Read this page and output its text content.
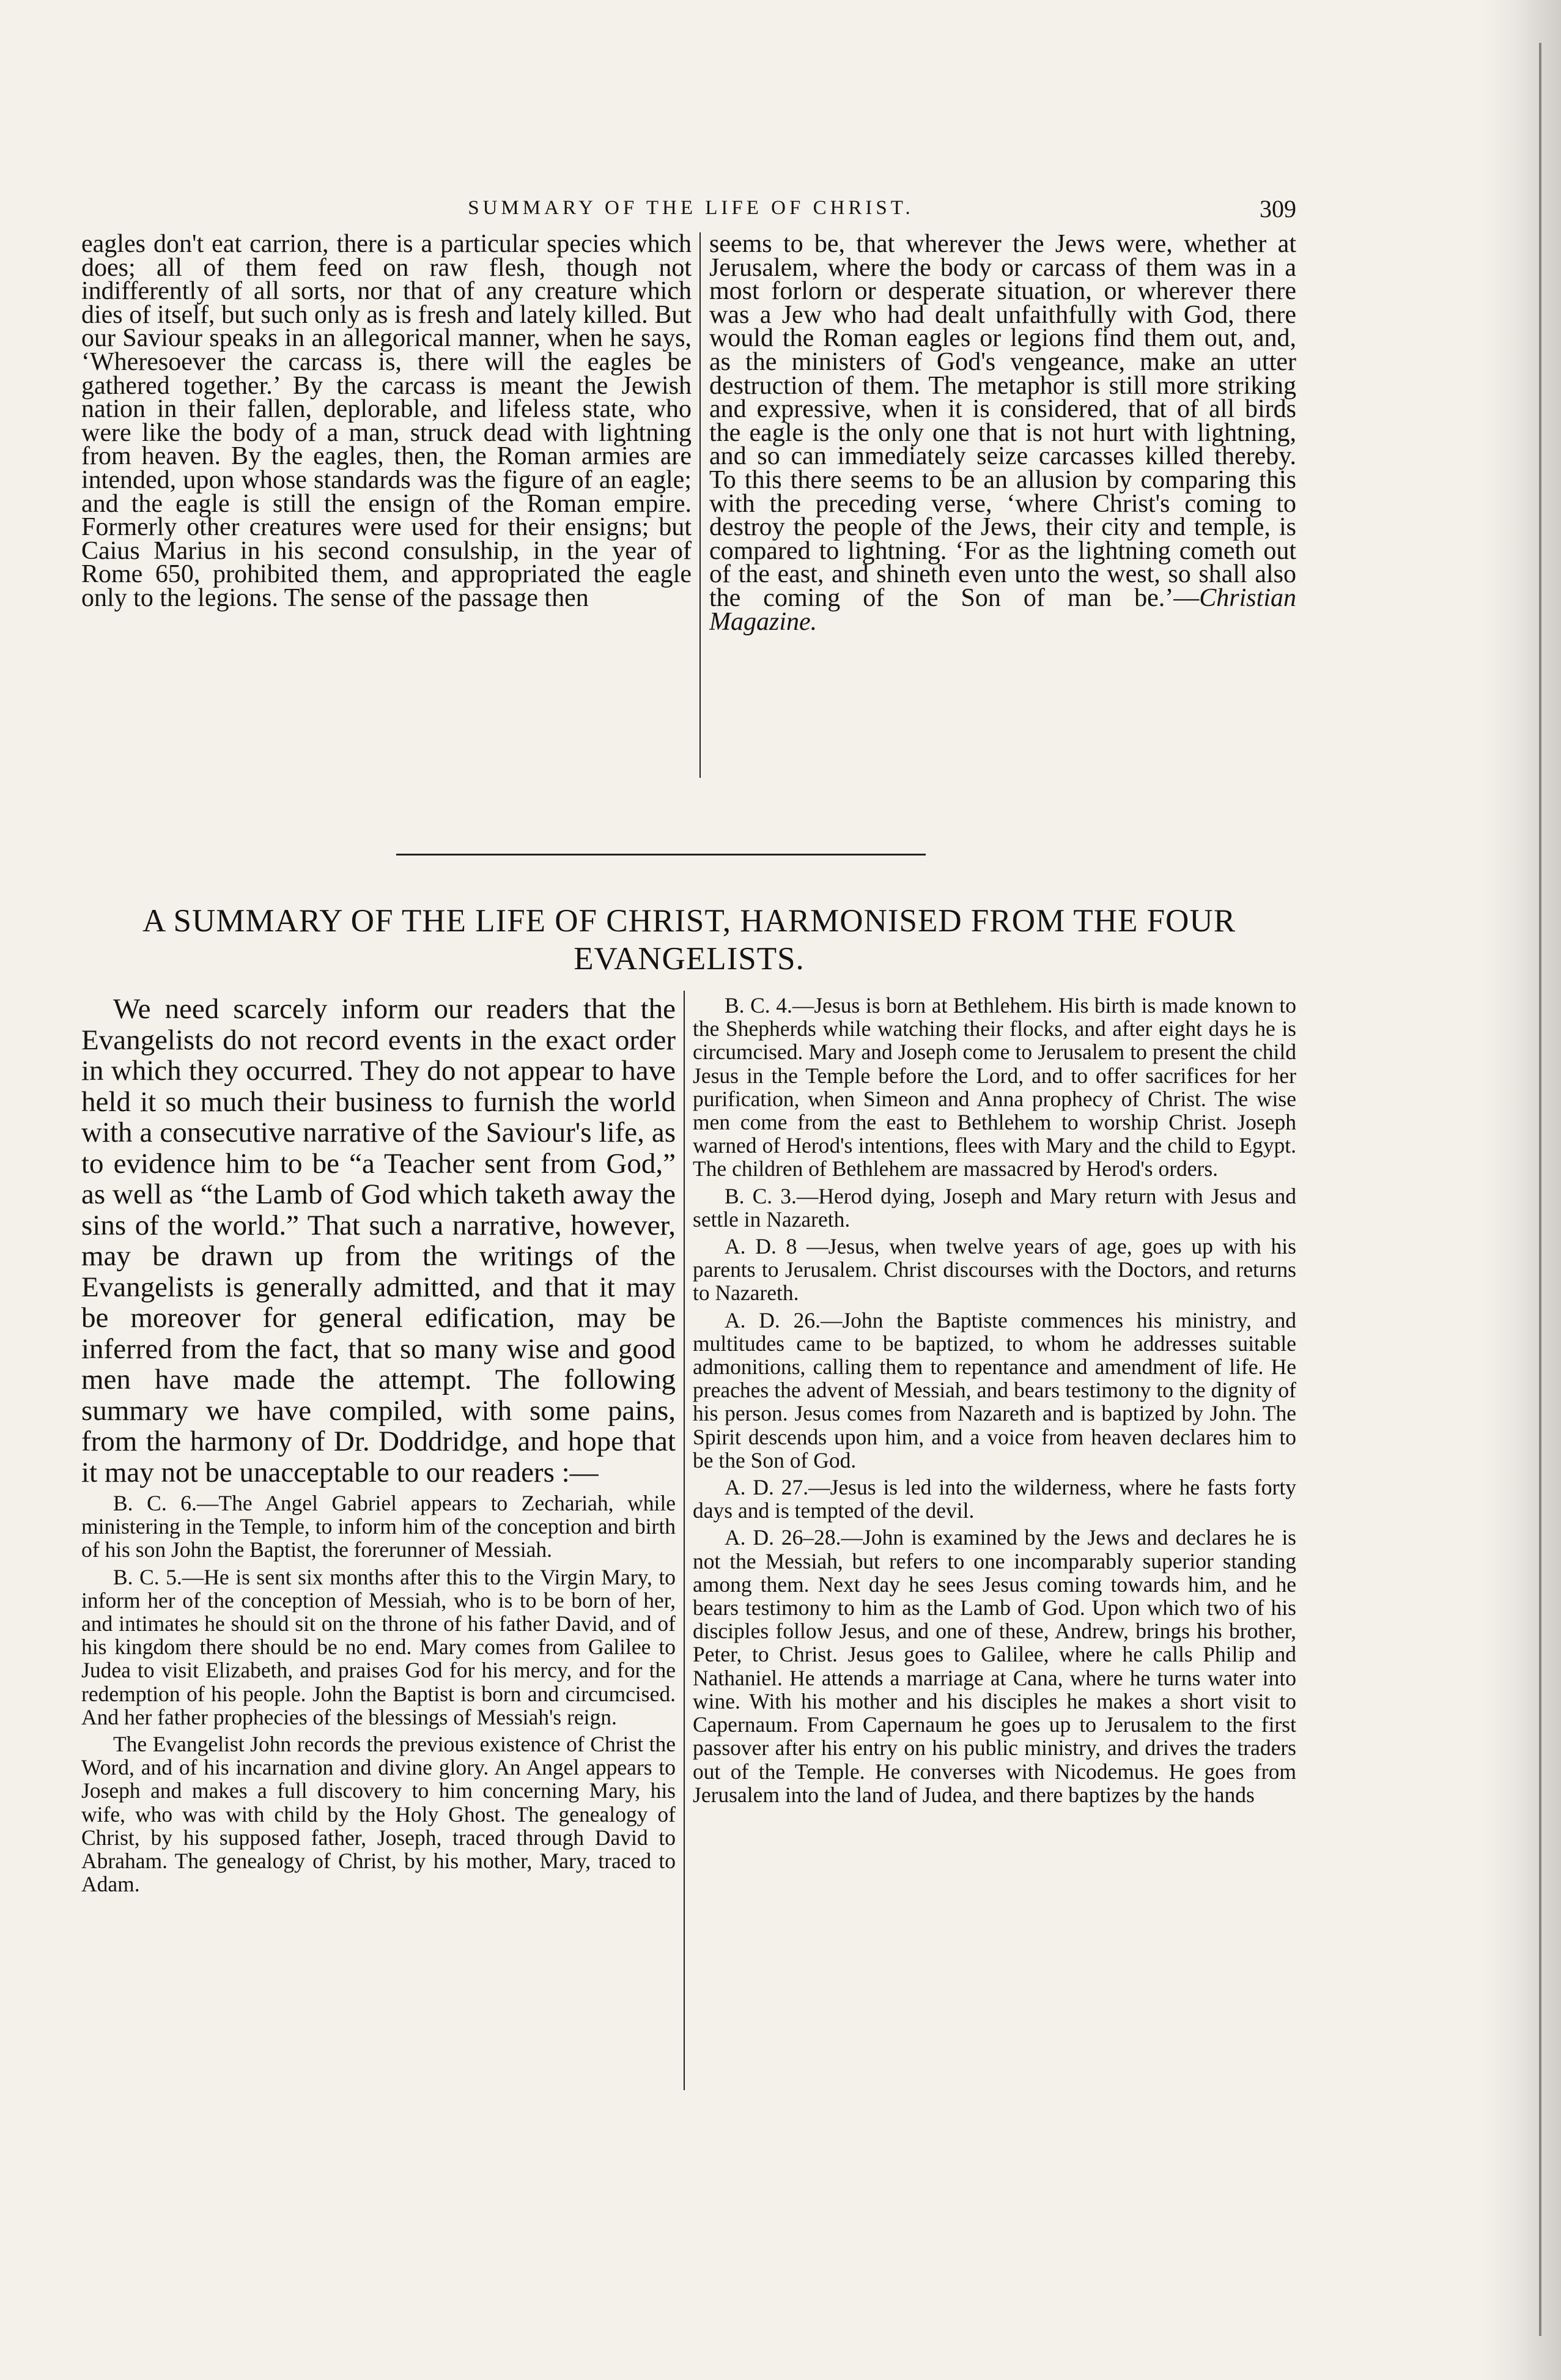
SUMMARY OF THE LIFE OF CHRIST.	309

eagles don't eat carrion, there is a particular species which does; all of them feed on raw flesh, though not indifferently of all sorts, nor that of any creature which dies of itself, but such only as is fresh and lately killed. But our Saviour speaks in an allegorical manner, when he says, ‘Wheresoever the carcass is, there will the eagles be gathered together.’ By the carcass is meant the Jewish nation in their fallen, deplorable, and lifeless state, who were like the body of a man, struck dead with lightning from heaven. By the eagles, then, the Roman armies are intended, upon whose standards was the figure of an eagle; and the eagle is still the ensign of the Roman empire. Formerly other creatures were used for their ensigns; but Caius Marius in his second consulship, in the year of Rome 650, prohibited them, and appropriated the eagle only to the legions. The sense of the passage then

seems to be, that wherever the Jews were, whether at Jerusalem, where the body or carcass of them was in a most forlorn or desperate situation, or wherever there was a Jew who had dealt unfaithfully with God, there would the Roman eagles or legions find them out, and, as the ministers of God's vengeance, make an utter destruction of them. The metaphor is still more striking and expressive, when it is considered, that of all birds the eagle is the only one that is not hurt with lightning, and so can immediately seize carcasses killed thereby. To this there seems to be an allusion by comparing this with the preceding verse, ‘where Christ's coming to destroy the people of the Jews, their city and temple, is compared to lightning. ‘For as the lightning cometh out of the east, and shineth even unto the west, so shall also the coming of the Son of man be.’—Christian Magazine.

A SUMMARY OF THE LIFE OF CHRIST, HARMONISED FROM THE FOUR EVANGELISTS.

We need scarcely inform our readers that the Evangelists do not record events in the exact order in which they occurred. They do not appear to have held it so much their business to furnish the world with a consecutive narrative of the Saviour's life, as to evidence him to be “a Teacher sent from God,” as well as “the Lamb of God which taketh away the sins of the world.” That such a narrative, however, may be drawn up from the writings of the Evangelists is generally admitted, and that it may be moreover for general edification, may be inferred from the fact, that so many wise and good men have made the attempt. The following summary we have compiled, with some pains, from the harmony of Dr. Doddridge, and hope that it may not be unacceptable to our readers :—

B. C. 6.—The Angel Gabriel appears to Zechariah, while ministering in the Temple, to inform him of the conception and birth of his son John the Baptist, the forerunner of Messiah.

B. C. 5.—He is sent six months after this to the Virgin Mary, to inform her of the conception of Messiah, who is to be born of her, and intimates he should sit on the throne of his father David, and of his kingdom there should be no end. Mary comes from Galilee to Judea to visit Elizabeth, and praises God for his mercy, and for the redemption of his people. John the Baptist is born and circumcised. And her father prophecies of the blessings of Messiah's reign.

The Evangelist John records the previous existence of Christ the Word, and of his incarnation and divine glory. An Angel appears to Joseph and makes a full discovery to him concerning Mary, his wife, who was with child by the Holy Ghost. The genealogy of Christ, by his supposed father, Joseph, traced through David to Abraham. The genealogy of Christ, by his mother, Mary, traced to Adam.

B. C. 4.—Jesus is born at Bethlehem. His birth is made known to the Shepherds while watching their flocks, and after eight days he is circumcised. Mary and Joseph come to Jerusalem to present the child Jesus in the Temple before the Lord, and to offer sacrifices for her purification, when Simeon and Anna prophecy of Christ. The wise men come from the east to Bethlehem to worship Christ. Joseph warned of Herod's intentions, flees with Mary and the child to Egypt. The children of Bethlehem are massacred by Herod's orders.

B. C. 3.—Herod dying, Joseph and Mary return with Jesus and settle in Nazareth.

A. D. 8 —Jesus, when twelve years of age, goes up with his parents to Jerusalem. Christ discourses with the Doctors, and returns to Nazareth.

A. D. 26.—John the Baptiste commences his ministry, and multitudes came to be baptized, to whom he addresses suitable admonitions, calling them to repentance and amendment of life. He preaches the advent of Messiah, and bears testimony to the dignity of his person. Jesus comes from Nazareth and is baptized by John. The Spirit descends upon him, and a voice from heaven declares him to be the Son of God.

A. D. 27.—Jesus is led into the wilderness, where he fasts forty days and is tempted of the devil.

A. D. 26–28.—John is examined by the Jews and declares he is not the Messiah, but refers to one incomparably superior standing among them. Next day he sees Jesus coming towards him, and he bears testimony to him as the Lamb of God. Upon which two of his disciples follow Jesus, and one of these, Andrew, brings his brother, Peter, to Christ. Jesus goes to Galilee, where he calls Philip and Nathaniel. He attends a marriage at Cana, where he turns water into wine. With his mother and his disciples he makes a short visit to Capernaum. From Capernaum he goes up to Jerusalem to the first passover after his entry on his public ministry, and drives the traders out of the Temple. He converses with Nicodemus. He goes from Jerusalem into the land of Judea, and there baptizes by the hands
